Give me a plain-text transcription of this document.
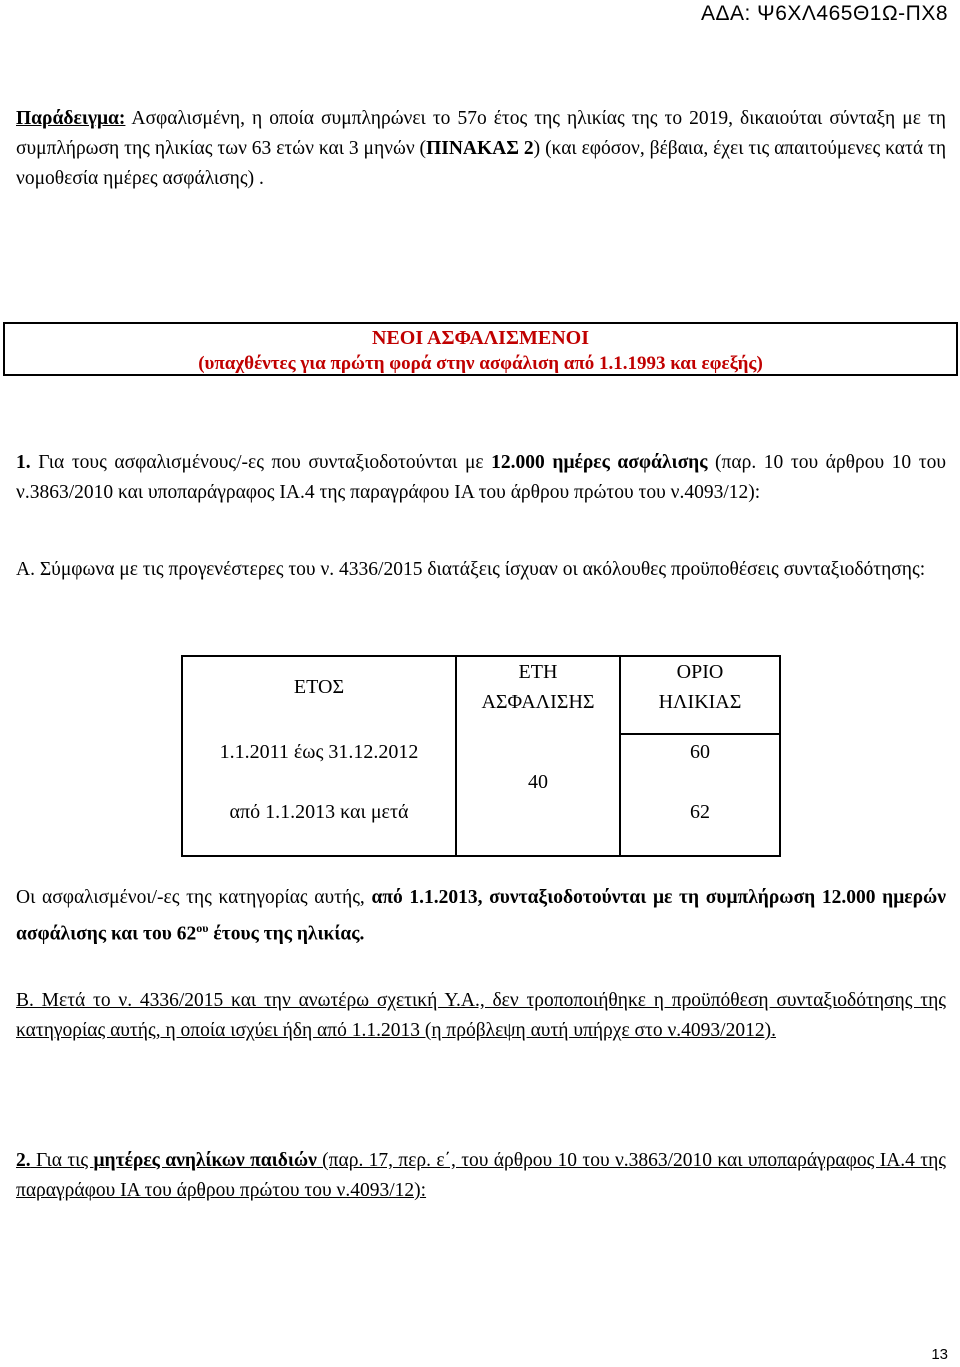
ΑΔΑ: Ψ6ΧΛ465Θ1Ω-ΠΧ8
Παράδειγμα: Ασφαλισμένη, η οποία συμπληρώνει το 57ο έτος της ηλικίας της το 2019, δικαιούται σύνταξη με τη συμπλήρωση της ηλικίας των 63 ετών και 3 μηνών (ΠΙΝΑΚΑΣ 2) (και εφόσον, βέβαια, έχει τις απαιτούμενες κατά τη νομοθεσία ημέρες ασφάλισης) .
ΝΕΟΙ ΑΣΦΑΛΙΣΜΕΝΟΙ
(υπαχθέντες για πρώτη φορά στην ασφάλιση από 1.1.1993 και εφεξής)
1. Για τους ασφαλισμένους/-ες που συνταξιοδοτούνται με 12.000 ημέρες ασφάλισης (παρ. 10 του άρθρου 10 του ν.3863/2010 και υποπαράγραφος ΙΑ.4 της παραγράφου ΙΑ του άρθρου πρώτου του ν.4093/12):
Α. Σύμφωνα με τις προγενέστερες του ν. 4336/2015 διατάξεις ίσχυαν οι ακόλουθες προϋποθέσεις συνταξιοδότησης:
ΕΤΟΣ
ΕΤΗ
ΑΣΦΑΛΙΣΗΣ
ΟΡΙΟ
ΗΛΙΚΙΑΣ
1.1.2011 έως 31.12.2012	60
40
από 1.1.2013 και μετά	62
Οι ασφαλισμένοι/-ες της κατηγορίας αυτής, από 1.1.2013, συνταξιοδοτούνται με τη συμπλήρωση 12.000 ημερών ασφάλισης και του $62^{o\upsilon}$ έτους της ηλικίας.
Β. Μετά το ν. 4336/2015 και την ανωτέρω σχετική Υ.Α., δεν τροποποιήθηκε η προϋπόθεση συνταξιοδότησης της κατηγορίας αυτής, η οποία ισχύει ήδη από 1.1.2013 (η πρόβλεψη αυτή υπήρχε στο ν.4093/2012).
2. Για τις μητέρες ανηλίκων παιδιών (παρ. 17, περ. ε΄, του άρθρου 10 του ν.3863/2010 και υποπαράγραφος ΙΑ.4 της παραγράφου ΙΑ του άρθρου πρώτου του ν.4093/12):
13
